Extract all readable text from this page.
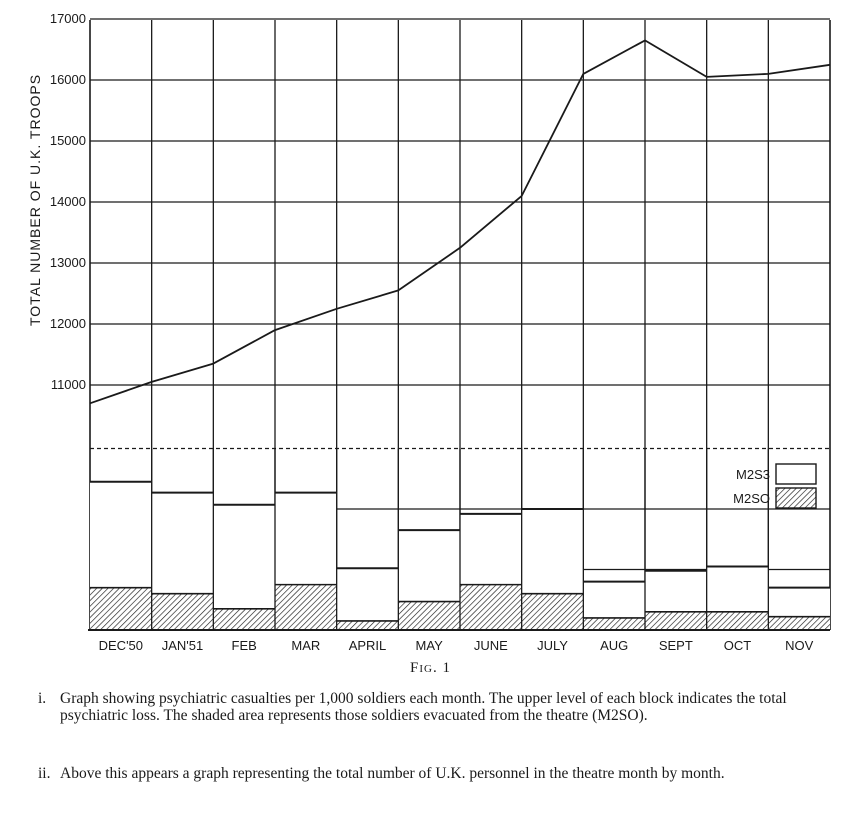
DEC'50 JAN'51 FEB	MAR APRIL MAY JUNE JULY AUG SEPT OCT	NOV
17000
16000
15000
14000
13000
12000
11000
TOTAL NUMBER OF U.K. TROOPS
M2S3
M2SO
Fig. 1
i. Graph showing psychiatric casualties per 1,000 soldiers each month. The upper level of each block indicates the total psychiatric loss. The shaded area represents those soldiers evacuated from the theatre (M2SO).
ii. Above this appears a graph representing the total number of U.K. personnel in the theatre month by month.
